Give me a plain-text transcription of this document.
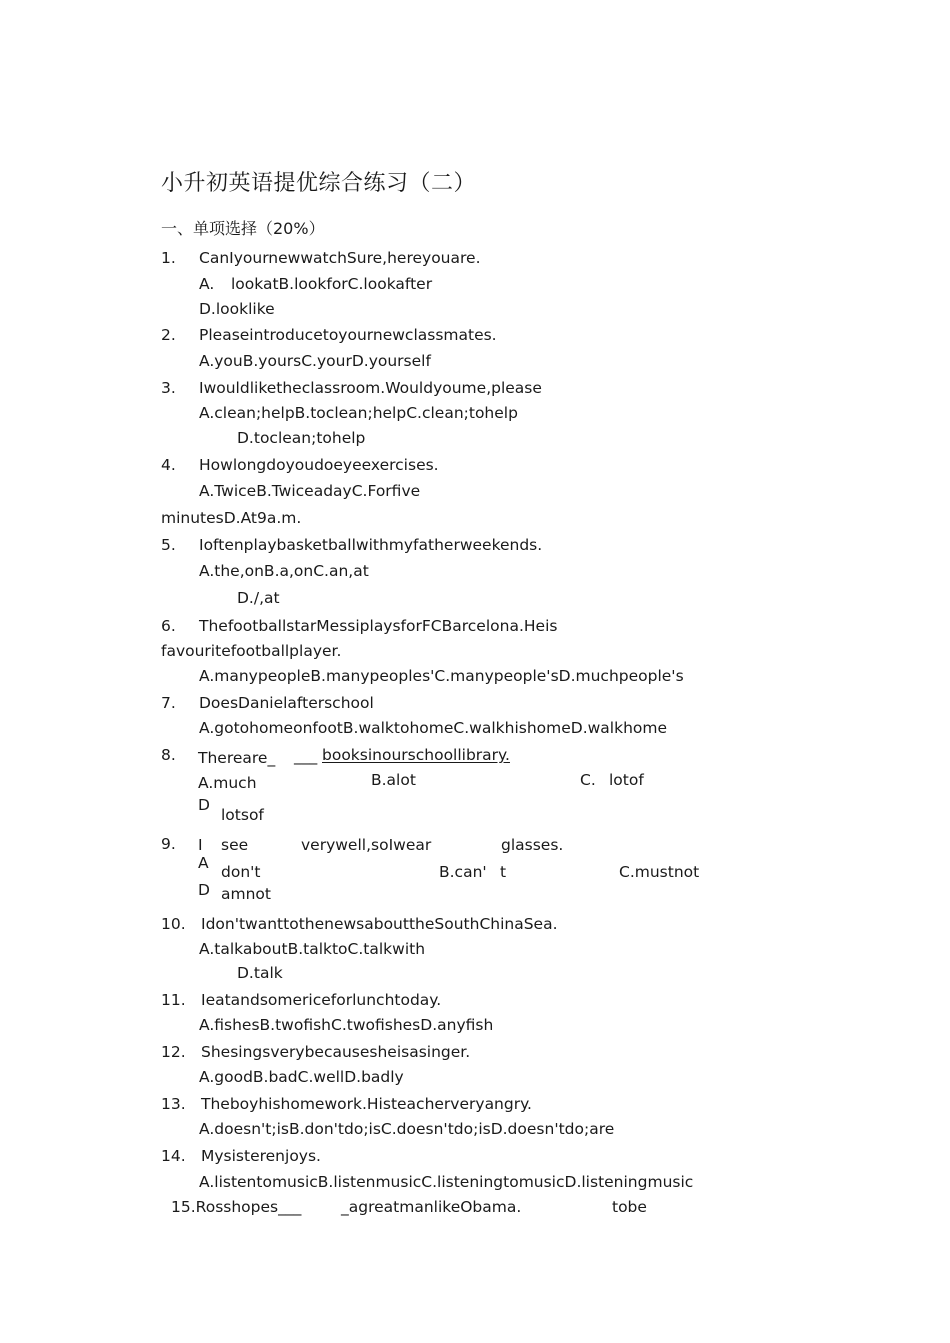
小升初英语提优综合练习（二）
一、单项选择（20%）
1. CanIyournewwatchSure,hereyouare.
A. lookatB.lookforC.lookafter
D.looklike
2. Pleaseintroducetoyournewclassmates.
A.youB.yoursC.yourD.yourself
3. Iwouldliketheclassroom.Wouldyoume,please
A.clean;helpB.toclean;helpC.clean;tohelp
D.toclean;tohelp
4. Howlongdoyoudoeyeexercises.
A.TwiceB.TwiceadayC.Forfive
minutesD.At9a.m.
5. Ioftenplaybasketballwithmyfatherweekends.
A.the,onB.a,onC.an,at
D./,at
6. ThefootballstarMessiplaysforFCBarcelona.Heis
favouritefootballplayer.
A.manypeopleB.manypeoples'C.manypeople'sD.muchpeople's
7. DoesDanielafterschool
A.gotohomeonfootB.walktohomeC.walkhishomeD.walkhome
8. Thereare_ ___ booksinourschoollibrary.
A.much	B.alot	C. lotof
D
lotsof
9. I see	verywell,soIwear	glasses.
A don't	B.can' t	C.mustnot
D amnot
10. Idon'twanttothenewsabouttheSouthChinaSea.
A.talkaboutB.talktoC.talkwith
D.talk
11. Ieatandsomericeforlunchtoday.
A.fishesB.twofishC.twofishesD.anyfish
12. Shesingsverybecausesheisasinger.
A.goodB.badC.wellD.badly
13. Theboyhishomework.Histeacherveryangry.
A.doesn't;isB.don'tdo;isC.doesn'tdo;isD.doesn'tdo;are
14. Mysisterenjoys.
A.listentomusicB.listenmusicC.listeningtomusicD.listeningmusic
15.Rosshopes___	_agreatmanlikeObama.	tobe
